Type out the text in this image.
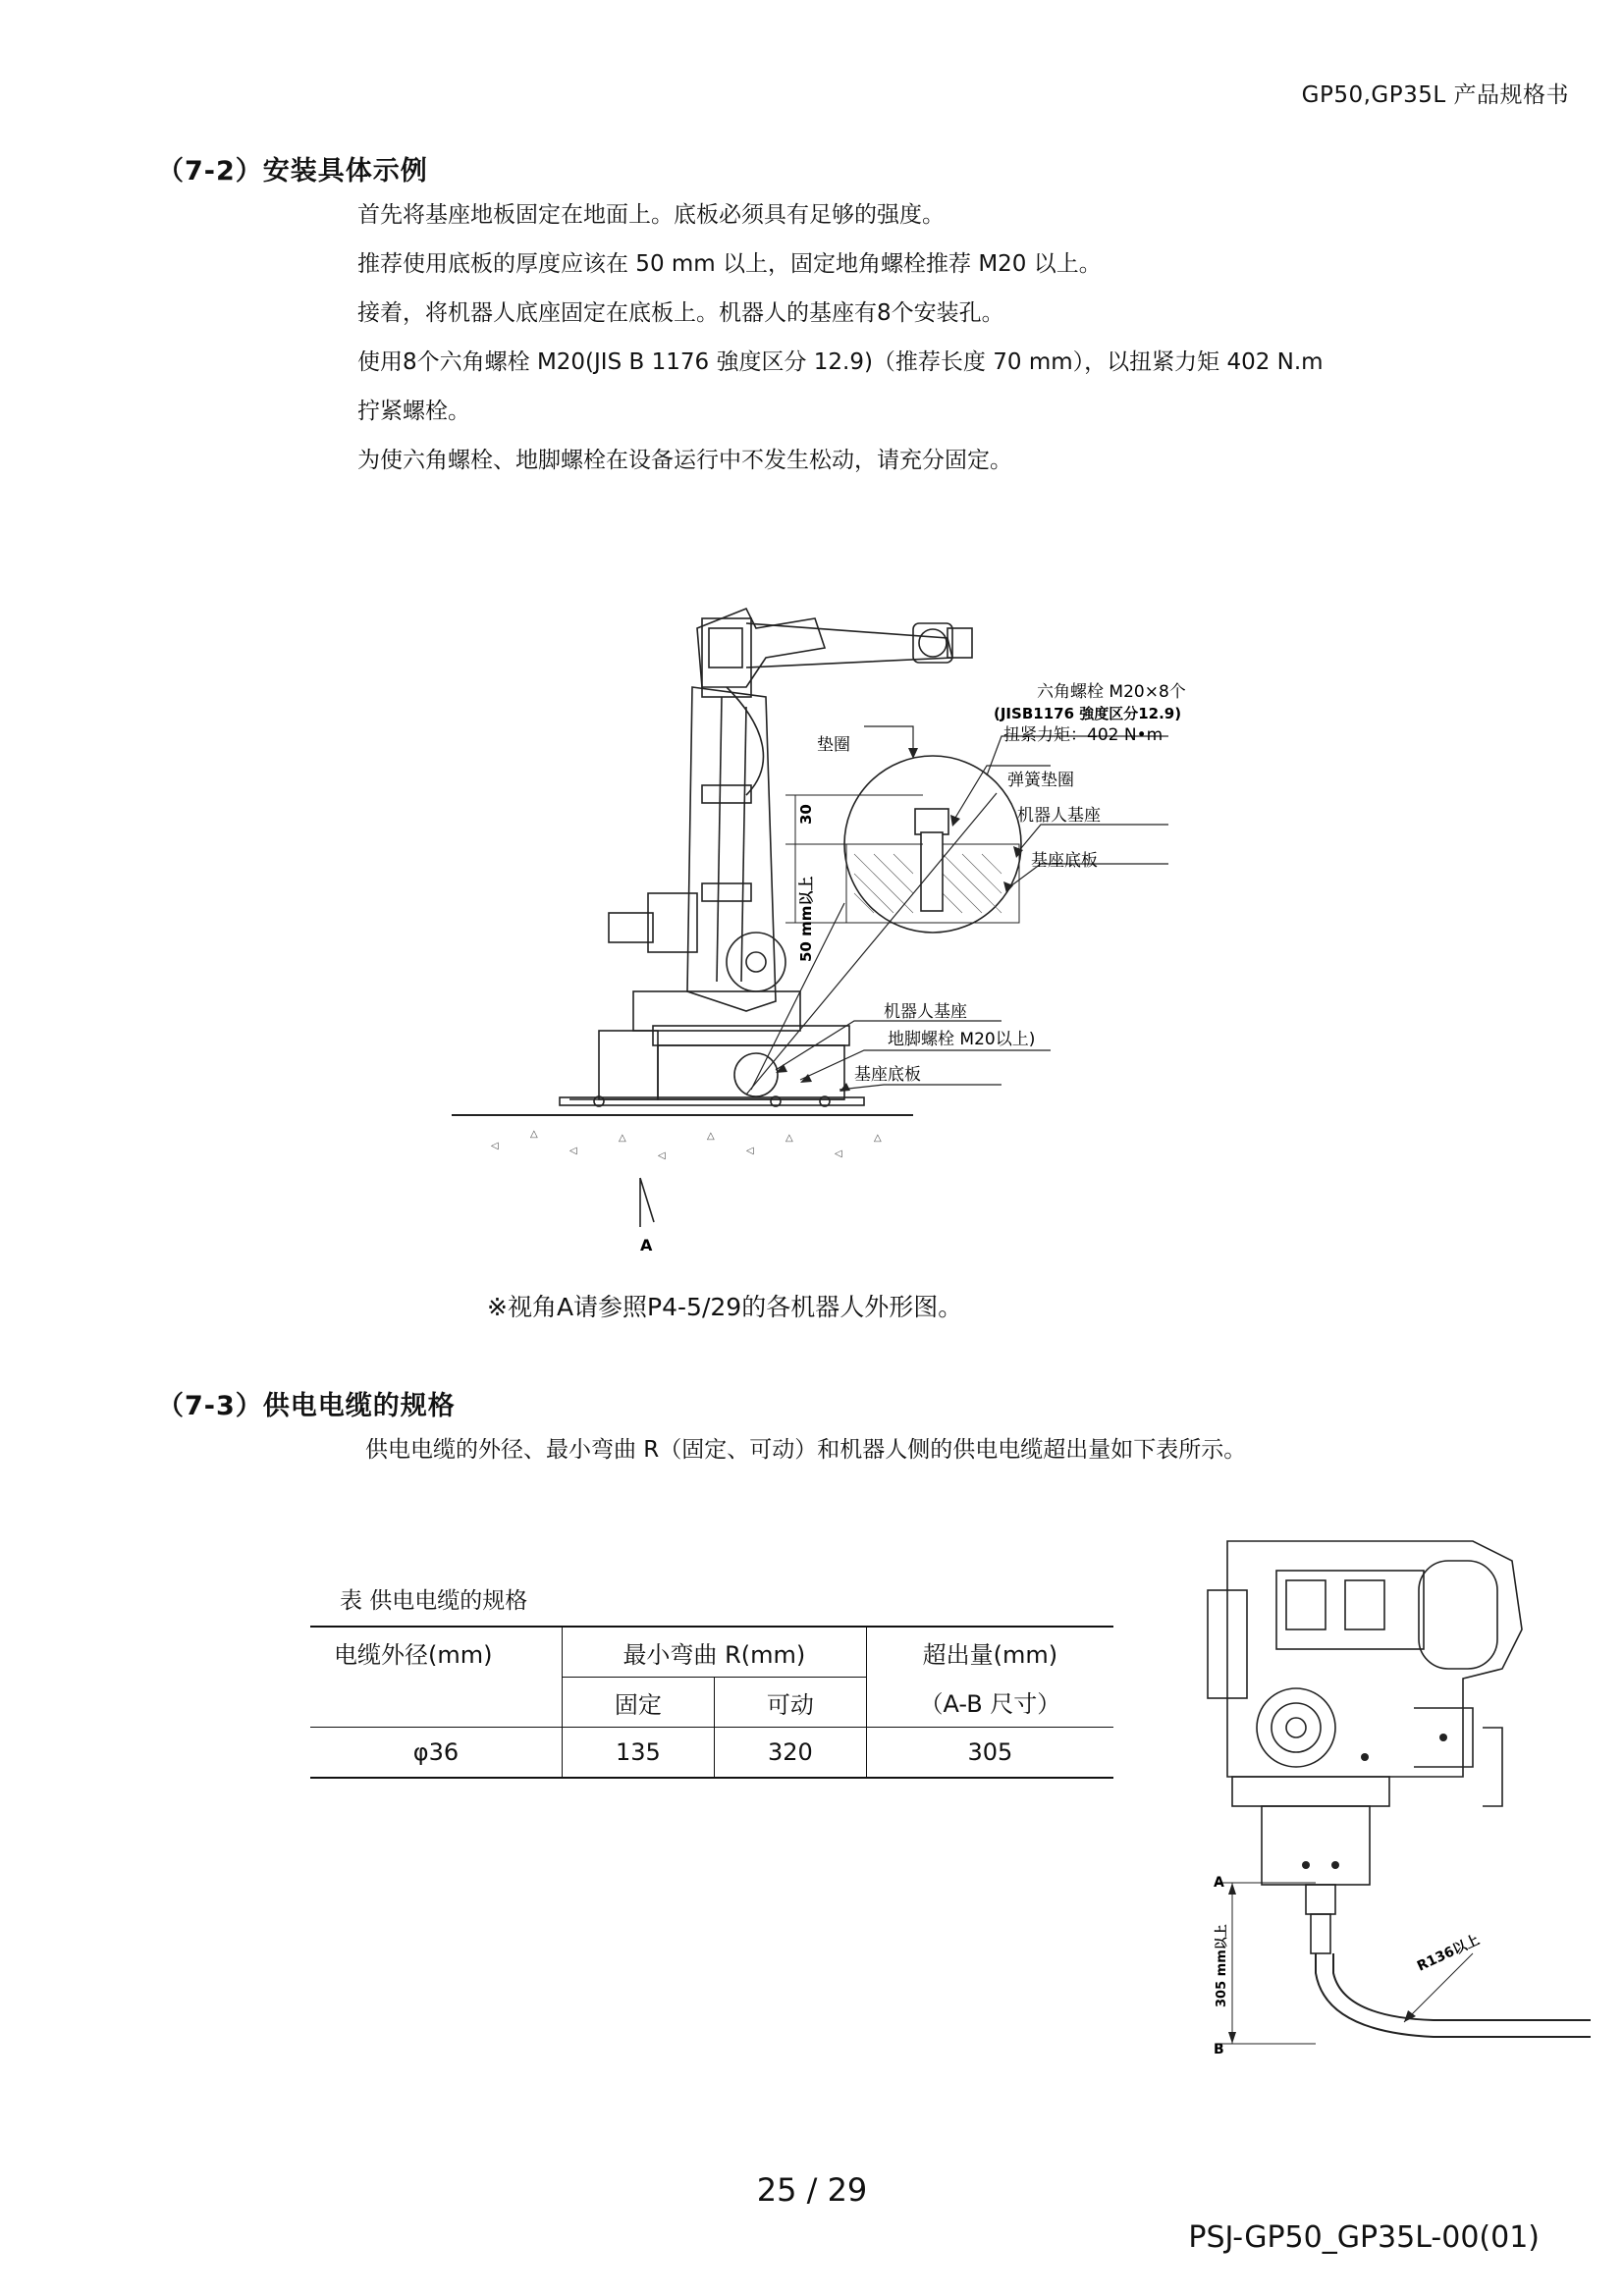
GP50,GP35L 产品规格书
（7-2）安装具体示例
首先将基座地板固定在地面上。底板必须具有足够的强度。
推荐使用底板的厚度应该在 50 mm 以上，固定地角螺栓推荐 M20 以上。
接着，将机器人底座固定在底板上。机器人的基座有8个安装孔。
使用8个六角螺栓 M20(JIS B 1176 強度区分 12.9)（推荐长度 70 mm），以扭紧力矩 402 N.m
拧紧螺栓。
为使六角螺栓、地脚螺栓在设备运行中不发生松动，请充分固定。
◁
△
◁
△
◁
△
◁
△
◁
△
A
30
50 mm以上
六角螺栓 M20×8个
(JISB1176 強度区分12.9)
扭紧力矩：402 N•m
垫圈
弹簧垫圈
机器人基座
基座底板
机器人基座
地脚螺栓 M20以上)
基座底板
※视角A请参照P4-5/29的各机器人外形图。
（7-3）供电电缆的规格
供电电缆的外径、最小弯曲 R（固定、可动）和机器人侧的供电电缆超出量如下表所示。
表 供电电缆的规格
电缆外径(mm)	最小弯曲 R(mm)		超出量(mm)
	固定	可动	（A-B 尺寸）
φ36	135	320	305
A
B
305 mm以上	R136以上
25 / 29
PSJ-GP50_GP35L-00(01)
